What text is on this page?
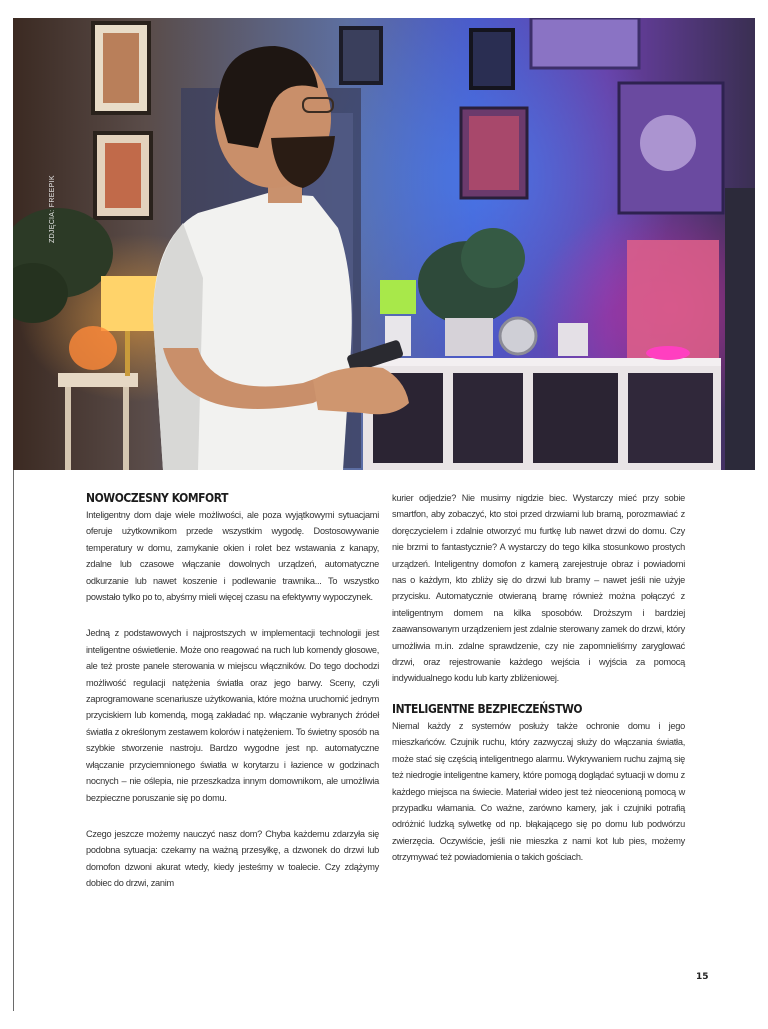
ZDJĘCIA: FREEPIK
NOWOCZESNY KOMFORT

Inteligentny dom daje wiele możliwości, ale poza wyjątkowymi sytuacjami oferuje użytkownikom przede wszystkim wygodę. Dostosowywanie temperatury w domu, zamykanie okien i rolet bez wstawania z kanapy, zdalne lub czasowe włączanie dowolnych urządzeń, automatyczne odkurzanie lub nawet koszenie i podlewanie trawnika... To wszystko powstało tylko po to, abyśmy mieli więcej czasu na efektywny wypoczynek.

Jedną z podstawowych i najprostszych w implementacji technologii jest inteligentne oświetlenie. Może ono reagować na ruch lub komendy głosowe, ale też proste panele sterowania w miejscu włączników. Do tego dochodzi możliwość regulacji natężenia światła oraz jego barwy. Sceny, czyli zaprogramowane scenariusze użytkowania, które można uruchomić jednym przyciskiem lub komendą, mogą zakładać np. włączanie wybranych źródeł światła z określonym zestawem kolorów i natężeniem. To świetny sposób na szybkie stworzenie nastroju. Bardzo wygodne jest np. automatyczne włączanie przyciemnionego światła w korytarzu i łazience w godzinach nocnych – nie oślepia, nie przeszkadza innym domownikom, ale umożliwia bezpieczne poruszanie się po domu.

Czego jeszcze możemy nauczyć nasz dom? Chyba każdemu zdarzyła się podobna sytuacja: czekamy na ważną przesyłkę, a dzwonek do drzwi lub domofon dzwoni akurat wtedy, kiedy jesteśmy w toalecie. Czy zdążymy dobiec do drzwi, zanim

kurier odjedzie? Nie musimy nigdzie biec. Wystarczy mieć przy sobie smartfon, aby zobaczyć, kto stoi przed drzwiami lub bramą, porozmawiać z doręczycielem i zdalnie otworzyć mu furtkę lub nawet drzwi do domu. Czy nie brzmi to fantastycznie? A wystarczy do tego kilka stosunkowo prostych urządzeń. Inteligentny domofon z kamerą zarejestruje obraz i powiadomi nas o każdym, kto zbliży się do drzwi lub bramy – nawet jeśli nie użyje przycisku. Automatycznie otwieraną bramę również można połączyć z inteligentnym domem na kilka sposobów. Droższym i bardziej zaawansowanym urządzeniem jest zdalnie sterowany zamek do drzwi, który umożliwia m.in. zdalne sprawdzenie, czy nie zapomnieliśmy zaryglować drzwi, oraz rejestrowanie każdego wejścia i wyjścia za pomocą indywidualnego kodu lub karty zbliżeniowej.

INTELIGENTNE BEZPIECZEŃSTWO

Niemal każdy z systemów posłuży także ochronie domu i jego mieszkańców. Czujnik ruchu, który zazwyczaj służy do włączania światła, może stać się częścią inteligentnego alarmu. Wykrywaniem ruchu zajmą się też niedrogie inteligentne kamery, które pomogą doglądać sytuacji w domu z każdego miejsca na świecie. Materiał wideo jest też nieocenioną pomocą w przypadku włamania. Co ważne, zarówno kamery, jak i czujniki potrafią odróżnić ludzką sylwetkę od np. błąkającego się po domu lub podwórzu zwierzęcia. Oczywiście, jeśli nie mieszka z nami kot lub pies, możemy otrzymywać też powiadomienia o takich gościach.

15
